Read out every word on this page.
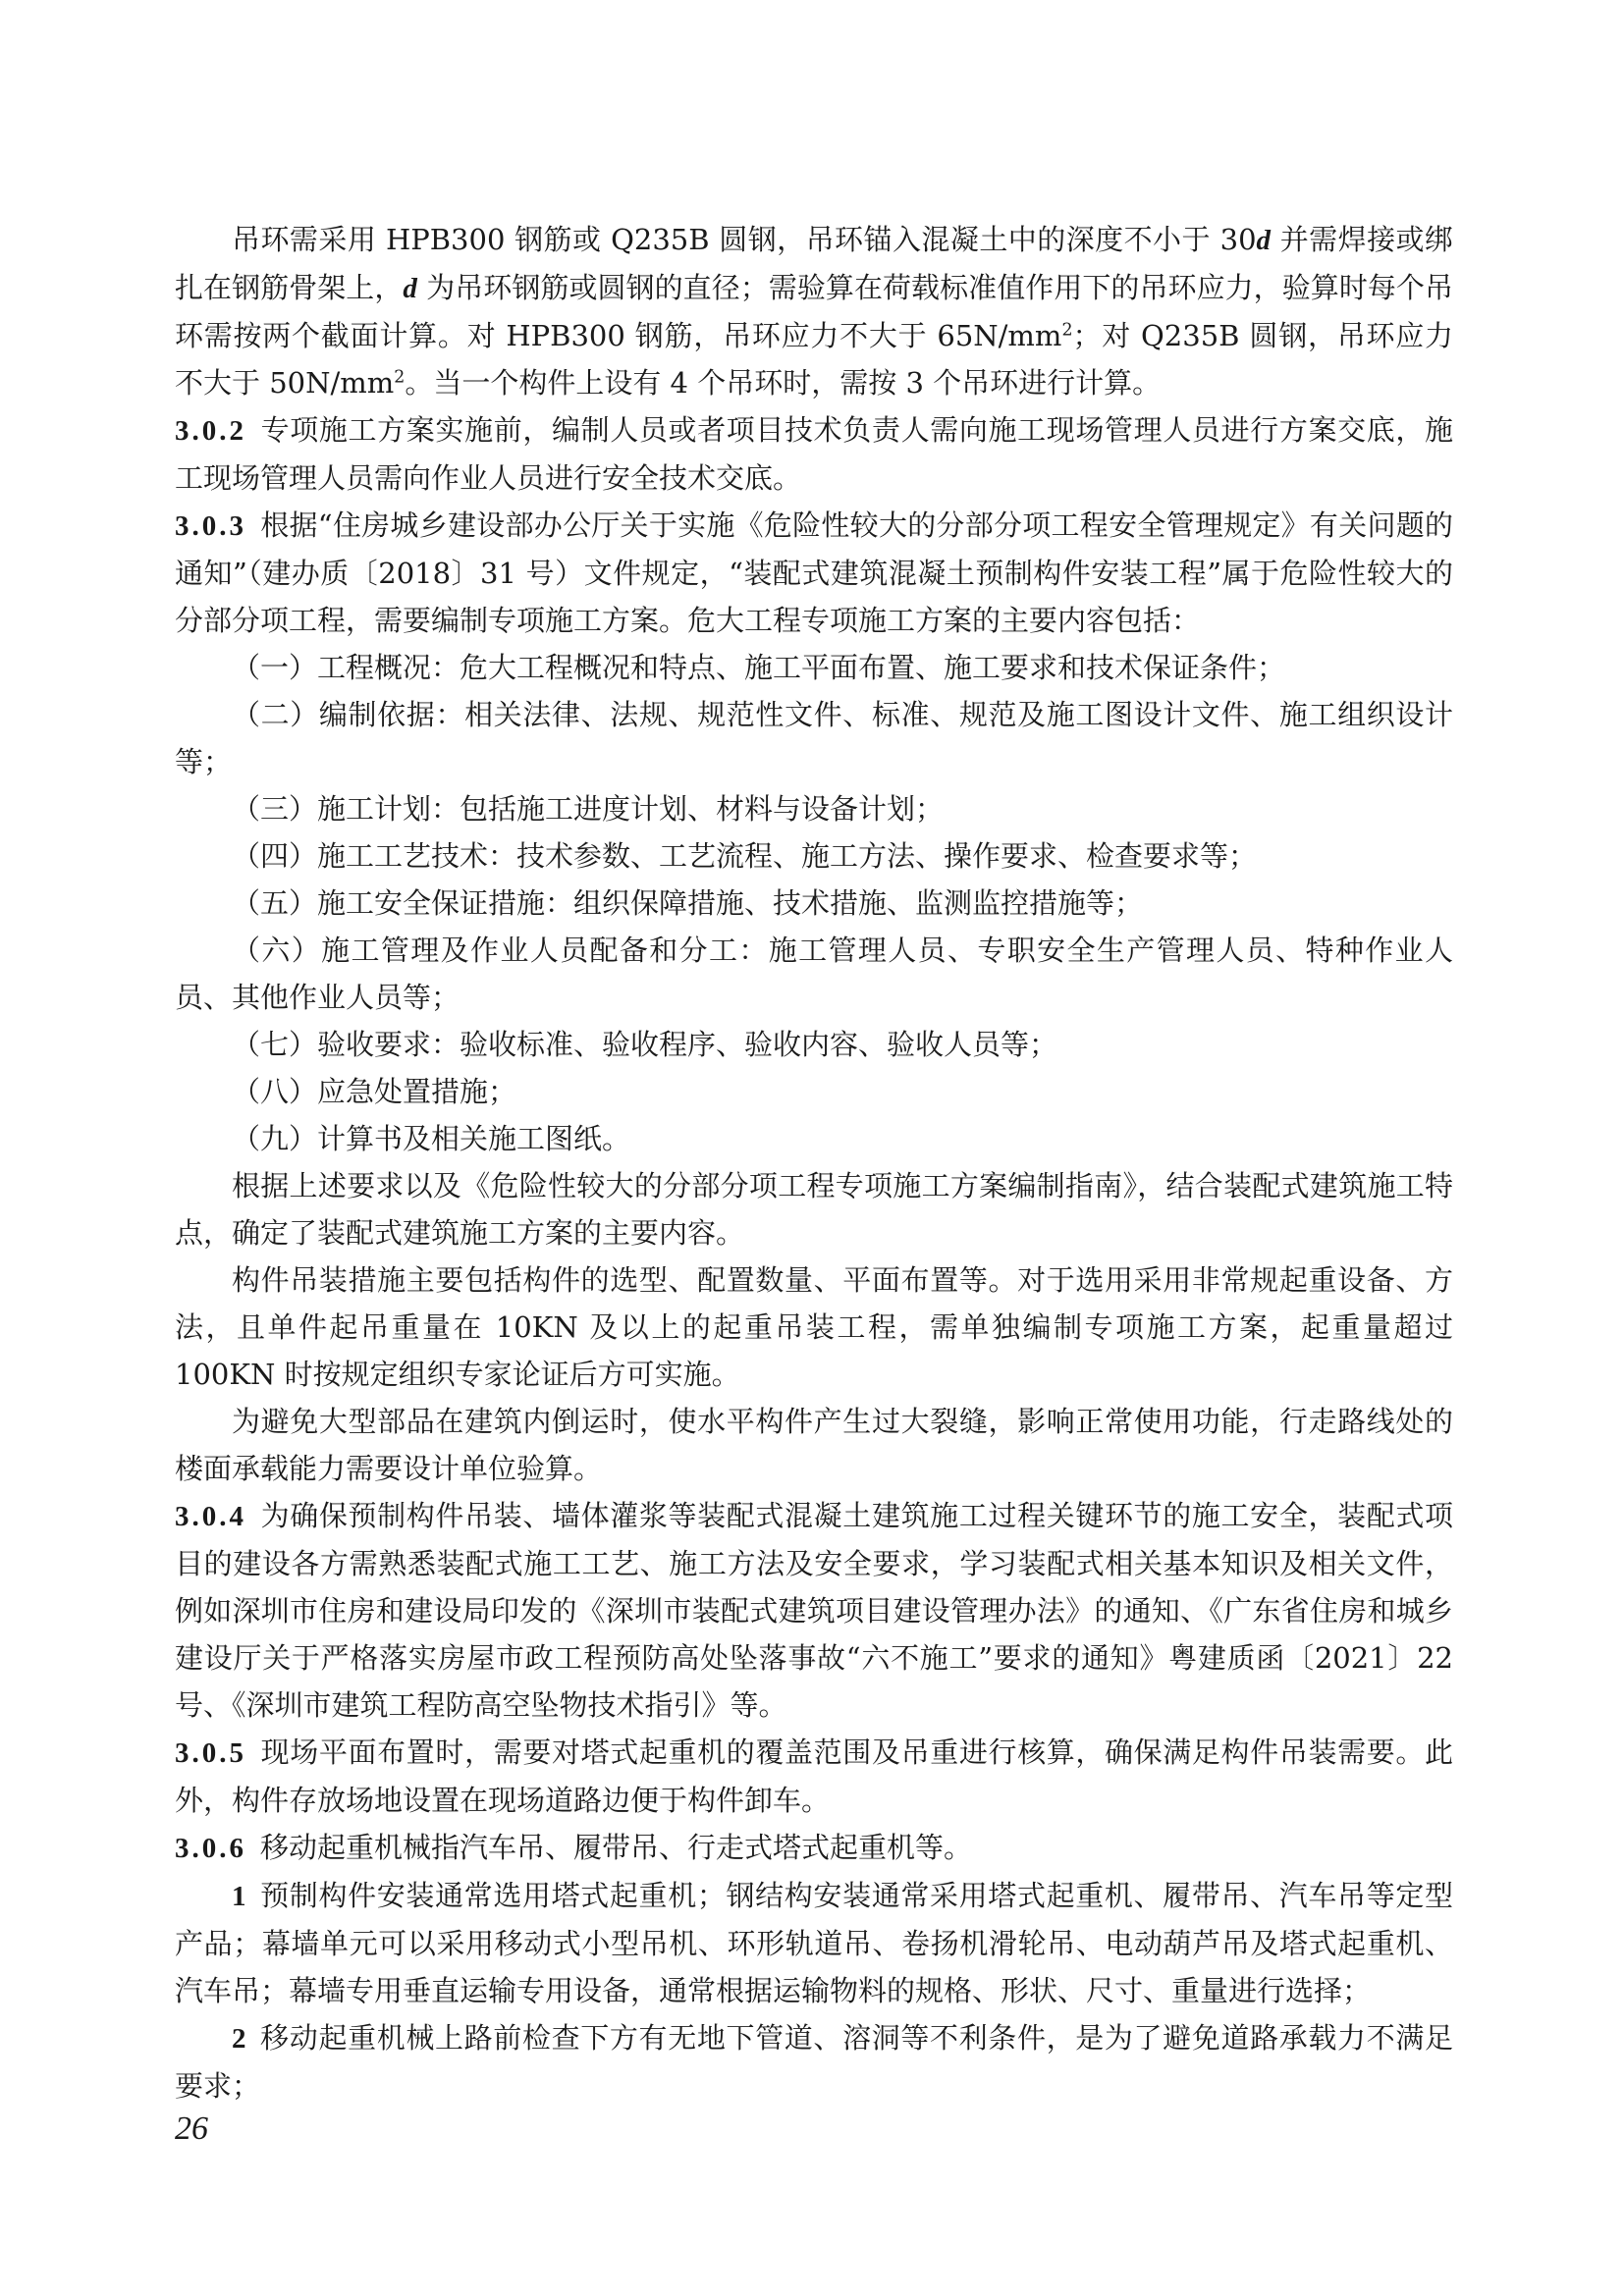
吊环需采用 HPB300 钢筋或 Q235B 圆钢，吊环锚入混凝土中的深度不小于 30d 并需焊接或绑扎在钢筋骨架上，d 为吊环钢筋或圆钢的直径；需验算在荷载标准值作用下的吊环应力，验算时每个吊环需按两个截面计算。对 HPB300 钢筋，吊环应力不大于 $65N/mm^2$；对 Q235B 圆钢，吊环应力不大于 $50N/mm^2$。当一个构件上设有 4 个吊环时，需按 3 个吊环进行计算。

3.0.2 专项施工方案实施前，编制人员或者项目技术负责人需向施工现场管理人员进行方案交底，施工现场管理人员需向作业人员进行安全技术交底。

3.0.3 根据“住房城乡建设部办公厅关于实施《危险性较大的分部分项工程安全管理规定》有关问题的通知”（建办质〔2018〕31 号）文件规定，“装配式建筑混凝土预制构件安装工程”属于危险性较大的分部分项工程，需要编制专项施工方案。危大工程专项施工方案的主要内容包括：

（一）工程概况：危大工程概况和特点、施工平面布置、施工要求和技术保证条件；

（二）编制依据：相关法律、法规、规范性文件、标准、规范及施工图设计文件、施工组织设计等；

（三）施工计划：包括施工进度计划、材料与设备计划；

（四）施工工艺技术：技术参数、工艺流程、施工方法、操作要求、检查要求等；

（五）施工安全保证措施：组织保障措施、技术措施、监测监控措施等；

（六）施工管理及作业人员配备和分工：施工管理人员、专职安全生产管理人员、特种作业人员、其他作业人员等；

（七）验收要求：验收标准、验收程序、验收内容、验收人员等；

（八）应急处置措施；

（九）计算书及相关施工图纸。

根据上述要求以及《危险性较大的分部分项工程专项施工方案编制指南》，结合装配式建筑施工特点，确定了装配式建筑施工方案的主要内容。

构件吊装措施主要包括构件的选型、配置数量、平面布置等。对于选用采用非常规起重设备、方法，且单件起吊重量在 10KN 及以上的起重吊装工程，需单独编制专项施工方案，起重量超过 100KN 时按规定组织专家论证后方可实施。

为避免大型部品在建筑内倒运时，使水平构件产生过大裂缝，影响正常使用功能，行走路线处的楼面承载能力需要设计单位验算。

3.0.4 为确保预制构件吊装、墙体灌浆等装配式混凝土建筑施工过程关键环节的施工安全，装配式项目的建设各方需熟悉装配式施工工艺、施工方法及安全要求，学习装配式相关基本知识及相关文件，例如深圳市住房和建设局印发的《深圳市装配式建筑项目建设管理办法》的通知、《广东省住房和城乡建设厅关于严格落实房屋市政工程预防高处坠落事故“六不施工”要求的通知》粤建质函〔2021〕22 号、《深圳市建筑工程防高空坠物技术指引》等。

3.0.5 现场平面布置时，需要对塔式起重机的覆盖范围及吊重进行核算，确保满足构件吊装需要。此外，构件存放场地设置在现场道路边便于构件卸车。

3.0.6 移动起重机械指汽车吊、履带吊、行走式塔式起重机等。

1 预制构件安装通常选用塔式起重机；钢结构安装通常采用塔式起重机、履带吊、汽车吊等定型产品；幕墙单元可以采用移动式小型吊机、环形轨道吊、卷扬机滑轮吊、电动葫芦吊及塔式起重机、汽车吊；幕墙专用垂直运输专用设备，通常根据运输物料的规格、形状、尺寸、重量进行选择；

2 移动起重机械上路前检查下方有无地下管道、溶洞等不利条件，是为了避免道路承载力不满足要求；

26
